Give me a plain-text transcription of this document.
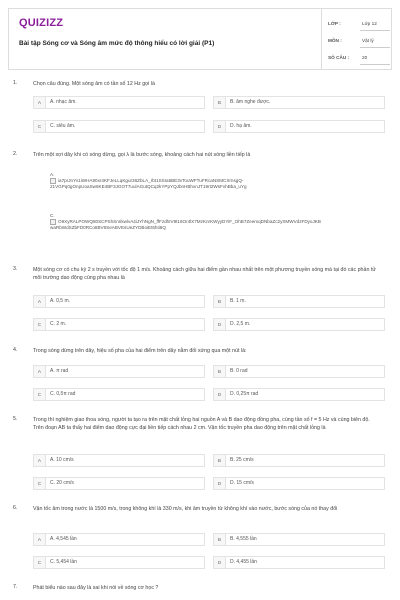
QUIZIZZ
Bài tập Sóng cơ và Sóng âm mức độ thông hiểu có lời giải (P1)
LỚP :	Lớp 12
MÔN :	Vật lý
SỐ CÂU :	20
1.	Chọn câu đúng. Một sóng âm có tần số 12 Hz gọi là
A	A. nhạc âm.	B	B. âm nghe được.
C	C. siêu âm.	D	D. hạ âm.
2.	Trên một sợi dây khi có sóng dừng, gọi λ là bước sóng, khoảng cách hai nút sóng liền tiếp là
A.
ia7prJnYv1iWHA90xr4KFJeLLqKgur36ZbLA_rbt1SSIa5BE3vTouWFTuFRcaNSMCXrnsgQ-
21VGPq0gOnpUoaSw6KE4BF3JGOT7uulAGutQCq2kYPpYQJbnHBhxnJT19rt2WsFvhBba_uYg
C.
O9XyRALPOWQ80SCPShSnrikwlvA4iJYhNgN_ffFzdhIV8t16Or4lX7MzKnrKWyyDYiF_OhB7ZeemqDNbaZc2yXMWVdzFDyoJKB
waRbWdSZbFD0RCo8BV6SeABVEsUeZYDBoiEt6hti6Q
3.	Một sóng cơ có chu kỳ 2 s truyền với tốc độ 1 m/s. Khoảng cách giữa hai điểm gần nhau nhất trên một phương truyền sóng mà tại đó các phần tử môi trường dao động cùng pha nhau là
A	A. 0,5 m.	B	B. 1 m.
C	C. 2 m.	D	D. 2,5 m.
4.	Trong sóng dừng trên dây, hiệu số pha của hai điểm trên dây nằm đối xứng qua một nút là:
A	A. π rad	B	B. 0 rad
C	C. 0,5π rad	D	D. 0,25π rad
5.	Trong thí nghiệm giao thoa sóng, người ta tạo ra trên mặt chất lỏng hai nguồn A và B dao động đồng pha, cùng tần số f = 5 Hz và cùng biên độ. Trên đoạn AB ta thấy hai điểm dao động cực đại liền tiếp cách nhau 2 cm. Vận tốc truyền pha dao động trên mặt chất lỏng là
A	A. 10 cm/s	B	B. 25 cm/s
C	C. 20 cm/s	D	D. 15 cm/s
6.	Vận tốc âm trong nước là 1500 m/s, trong không khí là 330 m/s, khi âm truyền từ không khí vào nước, bước sóng của nó thay đổi
A	A. 4,545 lần	B	B. 4,555 lần
C	C. 5,454 lần	D	D. 4,455 lần
7.	Phát biểu nào sau đây là sai khi nói về sóng cơ học ?
